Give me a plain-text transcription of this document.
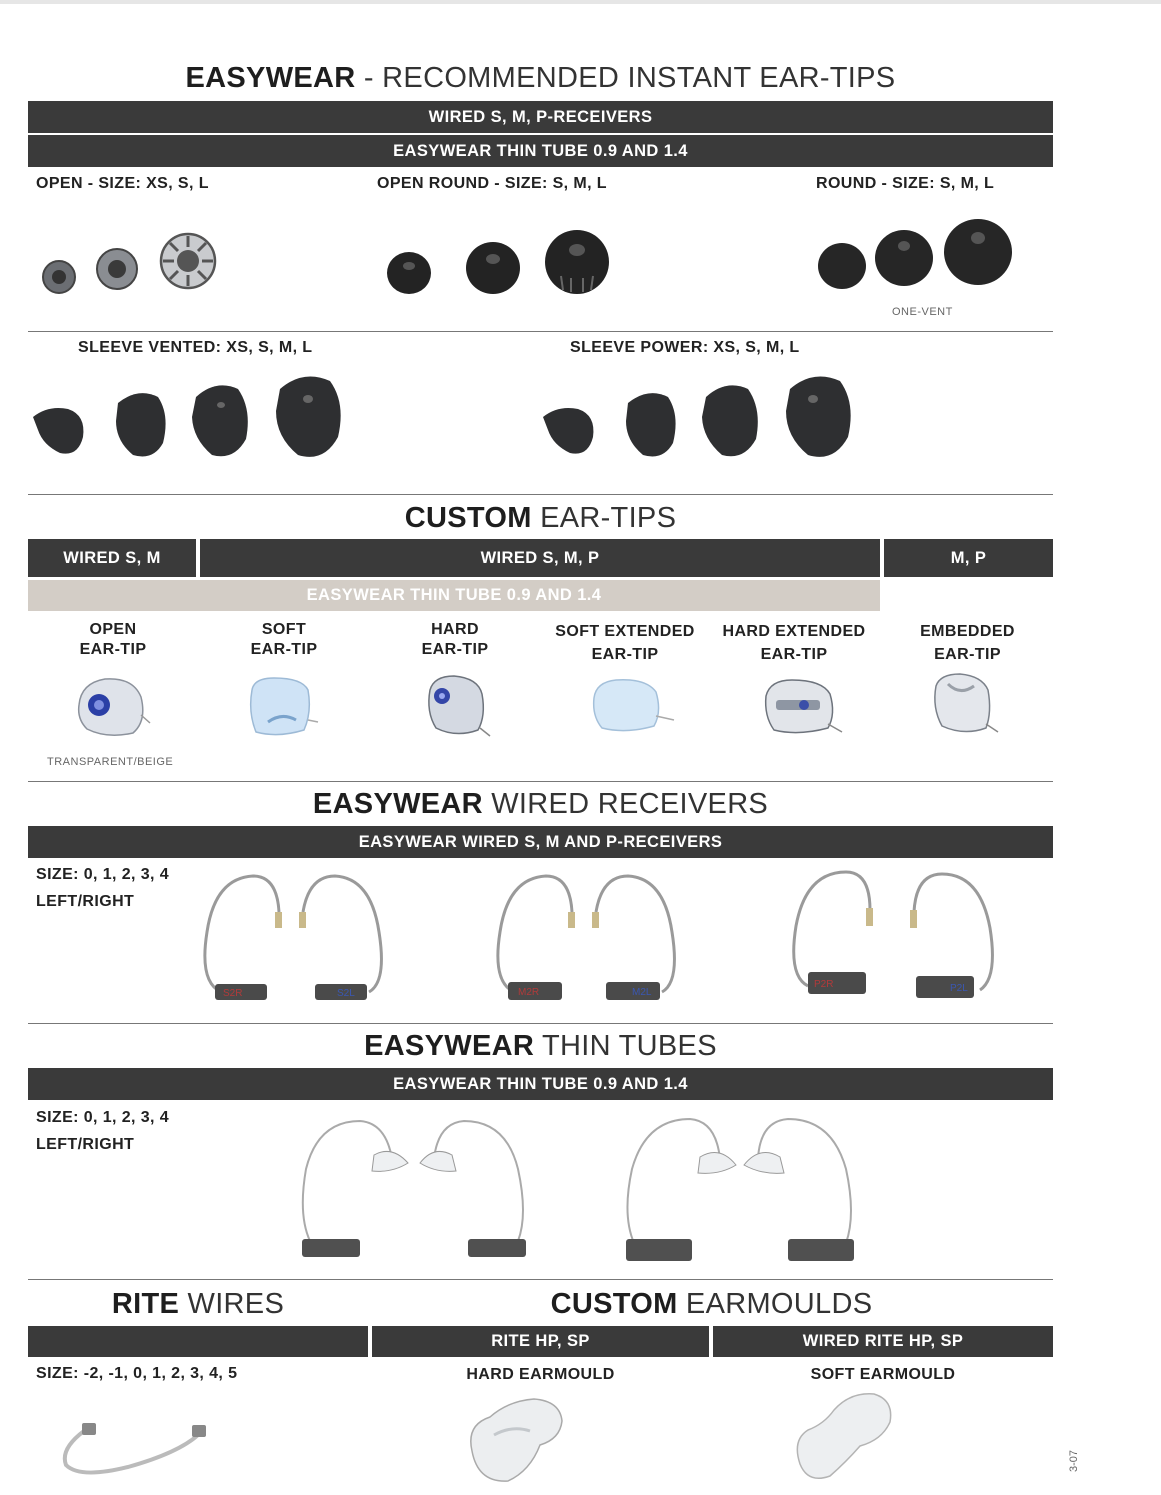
EASYWEAR - RECOMMENDED INSTANT EAR-TIPS
WIRED S, M, P-RECEIVERS
EASYWEAR THIN TUBE 0.9 AND 1.4
OPEN - SIZE: XS, S, L	OPEN ROUND - SIZE: S, M, L	ROUND - SIZE: S, M, L
ONE-VENT
SLEEVE VENTED: XS, S, M, L	SLEEVE POWER: XS, S, M, L
CUSTOM EAR-TIPS
WIRED S, M	WIRED S, M, P	M, P
EASYWEAR THIN TUBE 0.9 AND 1.4
OPEN
EAR-TIP
SOFT
EAR-TIP
HARD
EAR-TIP
SOFT EXTENDED
EAR-TIP
HARD EXTENDED
EAR-TIP
EMBEDDED
EAR-TIP
TRANSPARENT/BEIGE
EASYWEAR WIRED RECEIVERS
EASYWEAR WIRED S, M AND P-RECEIVERS
SIZE: 0, 1, 2, 3, 4
LEFT/RIGHT
S2R	S2L	M2R	M2L
P2R	P2L
EASYWEAR THIN TUBES
EASYWEAR THIN TUBE 0.9 AND 1.4
SIZE: 0, 1, 2, 3, 4
LEFT/RIGHT
RITE WIRES	CUSTOM EARMOULDS
RITE HP, SP	WIRED RITE HP, SP
SIZE: -2, -1, 0, 1, 2, 3, 4, 5	HARD EARMOULD	SOFT EARMOULD
3-07
